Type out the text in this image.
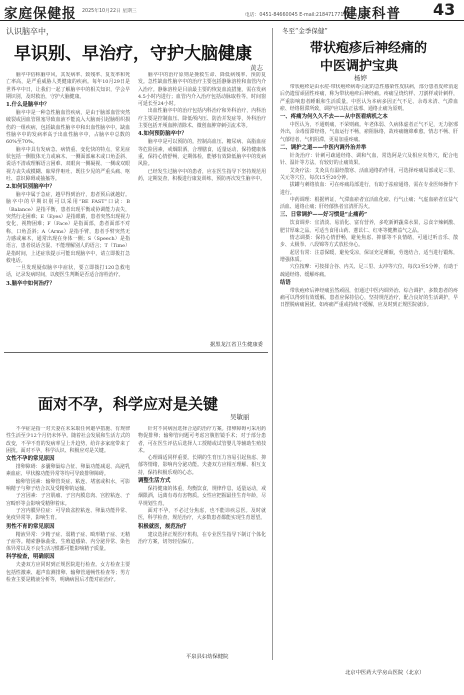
家庭保健报 2025年10月22日 星期三
电话：0451-84660045 E-mail:2184717718@qq.com
健康科普 43
认识脑卒中，
早识别、早治疗，守护大脑健康
黄志

脑卒中俗称脑中风，其发病率、致残率、复发率和死亡率高，是严重威胁人类健康的疾病。每年10月29日是世界卒中日，让我们一起了解脑卒中的相关知识，学会早期识别，及时救治，守护大脑健康。

1.什么是脑卒中？

脑卒中是一种急性脑血管疾病，是由于脑部血管突然破裂或因血管阻塞导致血液不能流入大脑而引起脑组织损伤的一组疾病，包括缺血性脑卒中和出血性脑卒中。缺血性脑卒中的发病率高于出血性脑卒中，占脑卒中总数的60%至70%。

脑卒中具有发病急、病情重、变化快的特点，常见症状包括一侧肢体无力或麻木、一侧面部麻木或口角歪斜、说话不清或理解语言困难、双眼向一侧凝视、一侧或双眼视力丧失或模糊、眩晕伴呕吐、既往少见的严重头痛、呕吐、意识障碍或抽搐等。

2.如何识别脑卒中？

脑卒中属于急症，越早得到治疗，患者预后就越好。脑卒中的早期识别可以采用“BE FAST”口诀：B（Balance）是指平衡，患者出现平衡或协调能力丧失，突然行走困难；E（Eyes）是指眼睛，患者突然出现视力变化，视物困难；F（Face）是指面部，患者面部不对称，口角歪斜；A（Arms）是指手臂，患者手臂突然无力感或麻木，通常出现在身体一侧；S（Speech）是指语言，患者说话含混、不能理解别人的语言；T（Time）是指时间，上述症状提示可能出现脑卒中，请立即拨打急救电话。

一旦发现疑似脑卒中症状，要立即拨打120急救电话，记录发病时间，以便医生判断是否适合溶栓治疗。

3.脑卒中如何治疗？

脑卒中的治疗原则是挽救生命、降低病残率、预防复发。急性缺血性脑卒中的治疗主要包括静脉溶栓和血管内介入治疗。静脉溶栓是目前最主要的恢复血流措施，需在发病4.5小时内进行；血管内介入治疗包括动脉取栓等，时间窗可延长至24小时。

出血性脑卒中的治疗包括内科治疗和外科治疗，内科治疗主要是控制血压、降低颅内压、防治并发症等，外科治疗主要包括开颅血肿清除术、微创血肿穿刺引流术等。

4.如何预防脑卒中？

脑卒中是可以预防的。控制高血压、糖尿病、高脂血症等危险因素，戒烟限酒，合理膳食，适量运动，保持健康体重，保持心情舒畅，定期体检，能够有效降低脑卒中的发病风险。

已经发生过脑卒中的患者，应在医生指导下坚持规范用药，定期复查，积极进行康复训练，预防再次发生脑卒中。

据黑龙江省卫生健康委
面对不孕，科学应对是关键
吴敏丽

不孕症是指一对夫妻在未采取任何避孕措施、有规律性生活至少12个月仍未怀孕。随着社会发展和生活方式的改变，不孕不育的发病率呈上升趋势，给许多家庭带来了困扰。面对不孕，科学认识、积极应对是关键。

女性不孕的常见原因

排卵障碍：多囊卵巢综合征、卵巢功能减退、高泌乳素血症、甲状腺功能异常等均可导致排卵障碍。

输卵管因素：输卵管炎症、粘连、堵塞或积水，可影响精子与卵子结合以及受精卵的运输。

子宫因素：子宫肌瘤、子宫内膜息肉、宫腔粘连、子宫畸形等会影响受精卵着床。

子宫内膜异位症：可导致盆腔粘连、卵巢功能异常、免疫异常等，影响生育。

男性不育的常见原因

精液异常：少精子症、弱精子症、畸形精子症、无精子症等。精索静脉曲张、生殖道感染、内分泌异常、染色体异常以及不良生活习惯都可能影响精子质量。

科学检查，明确原因

夫妻双方应同时到正规医院进行检查。女方检查主要包括性激素、超声监测排卵、输卵管通畅性检查等；男方检查主要是精液分析等，明确病因后才能对症治疗。

针对不同病因选择合适的治疗方案。排卵障碍可采用药物促排卵；输卵管问题可考虑宫腹腔镜手术；对于部分患者，可在医生评估后选择人工授精或试管婴儿等辅助生殖技术。

心理调适同样重要。长期的生育压力容易引起焦虑、抑郁等情绪，影响内分泌功能。夫妻双方应相互理解、相互支持，保持积极乐观的心态。

调整生活方式

保持健康的体重，均衡饮食，规律作息，适量运动，戒烟限酒，远离有毒有害物质。女性应把握最佳生育年龄，尽早规划生育。

面对不孕，不必过分焦虑，也不能讳疾忌医。及时就医，科学检查，规范治疗，大多数患者都能实现生育愿望。

积极就医，规范治疗

建议选择正规医疗机构，在专业医生指导下制订个体化治疗方案，切勿轻信偏方。

平泉县妇幼保健院
冬至“金季保健”
带状疱疹后神经痛的
中医调护宝典
杨婷

带状疱疹是由水痘-带状疱疹病毒引起的急性感染性皮肤病，部分患者皮疹消退后仍遗留顽固性疼痛，称为带状疱疹后神经痛。疼痛呈烧灼样、刀割样或针刺样，严重影响患者睡眠和生活质量。中医认为本病多因正气不足、余毒未清、气滞血瘀、经络阻滞所致，调护应以扶正祛邪、通络止痛为原则。

一、疼痛为何久久不去——从中医看病机之本

中医认为，不通则痛，不荣则痛。年老体弱、久病体虚者正气不足，无力驱邪外出，余毒留滞经络，气血运行不畅，瘀阻脉络，故疼痛缠绵难愈。情志不畅、肝气郁结者，气机阻滞，更易加重疼痛。

二、调护之道——中医内调外治并举

针灸治疗：针刺可疏通经络、调和气血，常选阿是穴及相应夹脊穴，配合电针、温针等方法，有较好的止痛效果。

艾灸疗法：艾灸具有温经散寒、活血通络的作用，可选择疼痛局部或足三里、关元等穴位，每次15至20分钟。

拔罐与刺络放血：可在疼痛局部进行，有助于祛瘀通络，需在专业医师操作下进行。

中药调理：根据辨证，气滞血瘀者宜活血化瘀、行气止痛；气虚血瘀者宜益气活血、通络止痛；肝经郁热者宜清肝泻火。

三、日常调护——好习惯是“止痛药”

饮食调养：宜清淡、易消化、富有营养，多吃新鲜蔬菜水果，忌食辛辣刺激、肥甘厚味之品。可适当食用山药、薏苡仁、红枣等健脾益气之品。

情志调摄：保持心情舒畅，避免焦虑、抑郁等不良情绪，可通过听音乐、散步、太极拳、八段锦等方式放松身心。

起居有常：注意保暖，避免受凉，保证充足睡眠，劳逸结合，适当进行锻炼，增强体质。

穴位按摩：可按揉合谷、内关、足三里、太冲等穴位，每次3至5分钟，有助于疏通经络、缓解疼痛。

结语

带状疱疹后神经痛虽然顽固，但通过中医内调外治、综合调护，多数患者的疼痛可以得到有效缓解。患者应保持信心，坚持规范治疗，配合良好的生活调护，早日摆脱病痛困扰。如疼痛严重或持续不缓解，应及时到正规医院就诊。

北京中医药大学房山医院（北京）
